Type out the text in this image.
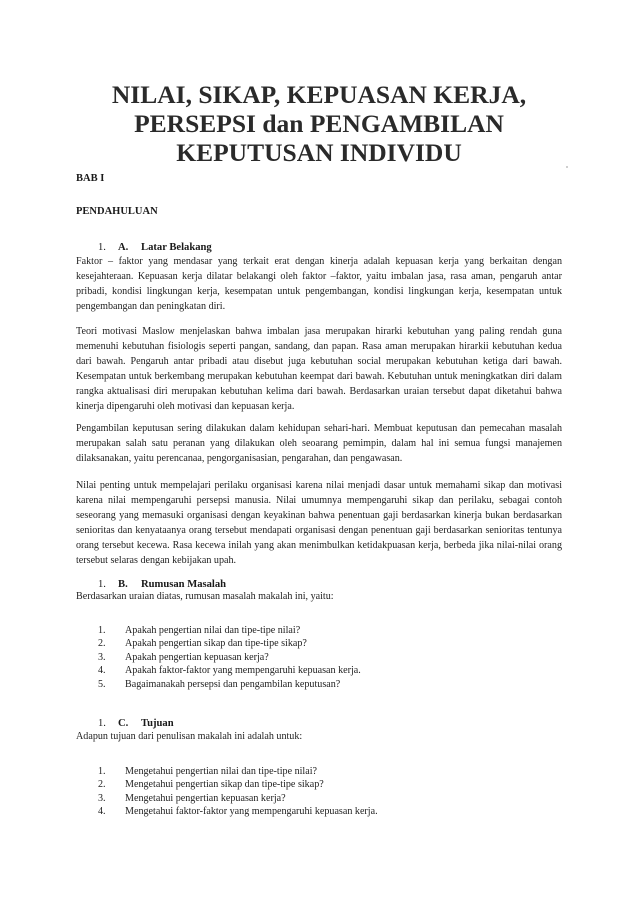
NILAI, SIKAP, KEPUASAN KERJA,
PERSEPSI dan PENGAMBILAN
KEPUTUSAN INDIVIDU

BAB I

PENDAHULUAN

1. A. Latar Belakang

Faktor – faktor yang mendasar yang terkait erat dengan kinerja adalah kepuasan kerja yang berkaitan dengan kesejahteraan. Kepuasan kerja dilatar belakangi oleh faktor –faktor, yaitu imbalan jasa, rasa aman, pengaruh antar pribadi, kondisi lingkungan kerja, kesempatan untuk pengembangan, kondisi lingkungan kerja, kesempatan untuk pengembangan dan peningkatan diri.

Teori motivasi Maslow menjelaskan bahwa imbalan jasa merupakan hirarki kebutuhan yang paling rendah guna memenuhi kebutuhan fisiologis seperti pangan, sandang, dan papan. Rasa aman merupakan hirarkii kebutuhan kedua dari bawah. Pengaruh antar pribadi atau disebut juga kebutuhan social merupakan kebutuhan ketiga dari bawah. Kesempatan untuk berkembang merupakan kebutuhan keempat dari bawah. Kebutuhan untuk meningkatkan diri dalam rangka aktualisasi diri merupakan kebutuhan kelima dari bawah. Berdasarkan uraian tersebut dapat diketahui bahwa kinerja dipengaruhi oleh motivasi dan kepuasan kerja.

Pengambilan keputusan sering dilakukan dalam kehidupan sehari-hari. Membuat keputusan dan pemecahan masalah merupakan salah satu peranan yang dilakukan oleh seoarang pemimpin, dalam hal ini semua fungsi manajemen dilaksanakan, yaitu perencanaa, pengorganisasian, pengarahan, dan pengawasan.

Nilai penting untuk mempelajari perilaku organisasi karena nilai menjadi dasar untuk memahami sikap dan motivasi karena nilai mempengaruhi persepsi manusia. Nilai umumnya mempengaruhi sikap dan perilaku, sebagai contoh seseorang yang memasuki organisasi dengan keyakinan bahwa penentuan gaji berdasarkan kinerja bukan berdasarkan senioritas dan kenyataanya orang tersebut mendapati organisasi dengan penentuan gaji berdasarkan senioritas tentunya orang tersebut kecewa. Rasa kecewa inilah yang akan menimbulkan ketidakpuasan kerja, berbeda jika nilai-nilai orang tersebut selaras dengan kebijakan upah.

1. B. Rumusan Masalah

Berdasarkan uraian diatas, rumusan masalah makalah ini, yaitu:

1.	Apakah pengertian nilai dan tipe-tipe nilai?
2.	Apakah pengertian sikap dan tipe-tipe sikap?
3.	Apakah pengertian kepuasan kerja?
4.	Apakah faktor-faktor yang mempengaruhi kepuasan kerja.
5.	Bagaimanakah persepsi dan pengambilan keputusan?

1. C. Tujuan

Adapun tujuan dari penulisan makalah ini adalah untuk:

1.	Mengetahui pengertian nilai dan tipe-tipe nilai?
2.	Mengetahui pengertian sikap dan tipe-tipe sikap?
3.	Mengetahui pengertian kepuasan kerja?
4.	Mengetahui faktor-faktor yang mempengaruhi kepuasan kerja.
